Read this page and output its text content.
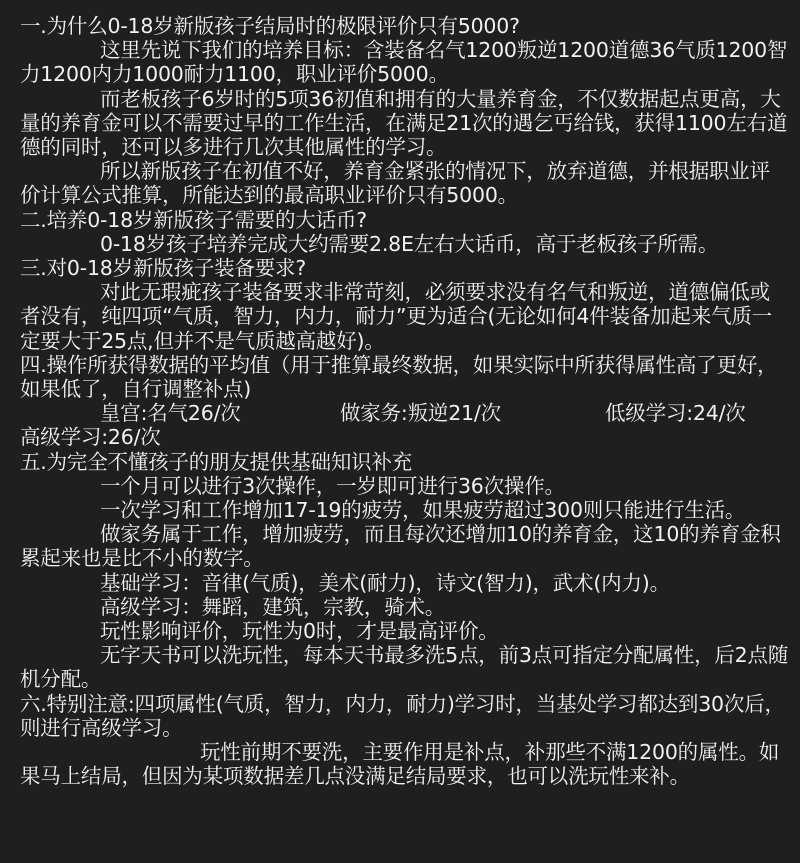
一.为什么0-18岁新版孩子结局时的极限评价只有5000?
这里先说下我们的培养目标：含装备名气1200叛逆1200道德36气质1200智力1200内力1000耐力1100，职业评价5000。
而老板孩子6岁时的5项36初值和拥有的大量养育金，不仅数据起点更高，大量的养育金可以不需要过早的工作生活，在满足21次的遇乞丐给钱，获得1100左右道德的同时，还可以多进行几次其他属性的学习。
所以新版孩子在初值不好，养育金紧张的情况下，放弃道德，并根据职业评价计算公式推算，所能达到的最高职业评价只有5000。
二.培养0-18岁新版孩子需要的大话币?
0-18岁孩子培养完成大约需要2.8E左右大话币，高于老板孩子所需。
三.对0-18岁新版孩子装备要求?
对此无瑕疵孩子装备要求非常苛刻，必须要求没有名气和叛逆，道德偏低或者没有，纯四项“气质，智力，内力，耐力”更为适合(无论如何4件装备加起来气质一定要大于25点,但并不是气质越高越好)。
四.操作所获得数据的平均值（用于推算最终数据，如果实际中所获得属性高了更好，如果低了，自行调整补点)
皇宫:名气26/次	做家务:叛逆21/次	低级学习:24/次
高级学习:26/次
五.为完全不懂孩子的朋友提供基础知识补充
一个月可以进行3次操作，一岁即可进行36次操作。
一次学习和工作增加17-19的疲劳，如果疲劳超过300则只能进行生活。
做家务属于工作，增加疲劳，而且每次还增加10的养育金，这10的养育金积累起来也是比不小的数字。
基础学习：音律(气质)，美术(耐力)，诗文(智力)，武术(内力)。
高级学习：舞蹈，建筑，宗教，骑术。
玩性影响评价，玩性为0时，才是最高评价。
无字天书可以洗玩性，每本天书最多洗5点，前3点可指定分配属性，后2点随机分配。
六.特别注意:四项属性(气质，智力，内力，耐力)学习时，当基处学习都达到30次后，则进行高级学习。
玩性前期不要洗，主要作用是补点，补那些不满1200的属性。如果马上结局，但因为某项数据差几点没满足结局要求，也可以洗玩性来补。
